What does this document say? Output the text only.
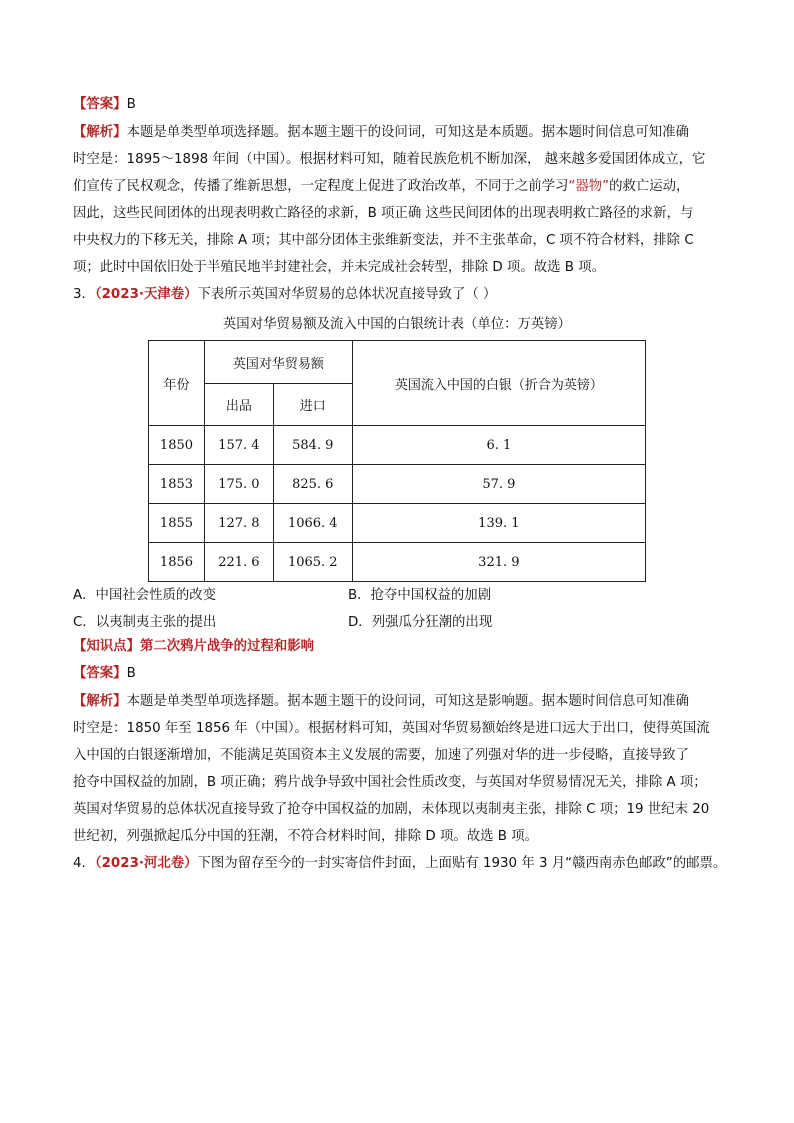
【答案】B
【解析】本题是单类型单项选择题。据本题主题干的设问词，可知这是本质题。据本题时间信息可知准确
时空是：1895～1898 年间（中国）。根据材料可知，随着民族危机不断加深， 越来越多爱国团体成立，它
们宣传了民权观念，传播了维新思想，一定程度上促进了政治改革，不同于之前学习“器物”的救亡运动，
因此，这些民间团体的出现表明救亡路径的求新，B 项正确 这些民间团体的出现表明救亡路径的求新，与
中央权力的下移无关，排除 A 项；其中部分团体主张维新变法，并不主张革命，C 项不符合材料，排除 C
项；此时中国依旧处于半殖民地半封建社会，并未完成社会转型，排除 D 项。故选 B 项。
3．（2023·天津卷）下表所示英国对华贸易的总体状况直接导致了（ ）
英国对华贸易额及流入中国的白银统计表（单位：万英镑）
年份	英国对华贸易额		英国流入中国的白银（折合为英镑）
	出品	进口	
1850	157. 4	584. 9	6. 1
1853	175. 0	825. 6	57. 9
1855	127. 8	1066. 4	139. 1
1856	221. 6	1065. 2	321. 9
A．中国社会性质的改变	B．抢夺中国权益的加剧
C．以夷制夷主张的提出	D．列强瓜分狂潮的出现
【知识点】第二次鸦片战争的过程和影响
【答案】B
【解析】本题是单类型单项选择题。据本题主题干的设问词，可知这是影响题。据本题时间信息可知准确
时空是：1850 年至 1856 年（中国）。根据材料可知，英国对华贸易额始终是进口远大于出口，使得英国流
入中国的白银逐渐增加，不能满足英国资本主义发展的需要，加速了列强对华的进一步侵略，直接导致了
抢夺中国权益的加剧，B 项正确；鸦片战争导致中国社会性质改变，与英国对华贸易情况无关，排除 A 项；
英国对华贸易的总体状况直接导致了抢夺中国权益的加剧，未体现以夷制夷主张，排除 C 项；19 世纪末 20
世纪初，列强掀起瓜分中国的狂潮，不符合材料时间，排除 D 项。故选 B 项。
4．（2023·河北卷）下图为留存至今的一封实寄信件封面，上面贴有 1930 年 3 月“赣西南赤色邮政”的邮票。
